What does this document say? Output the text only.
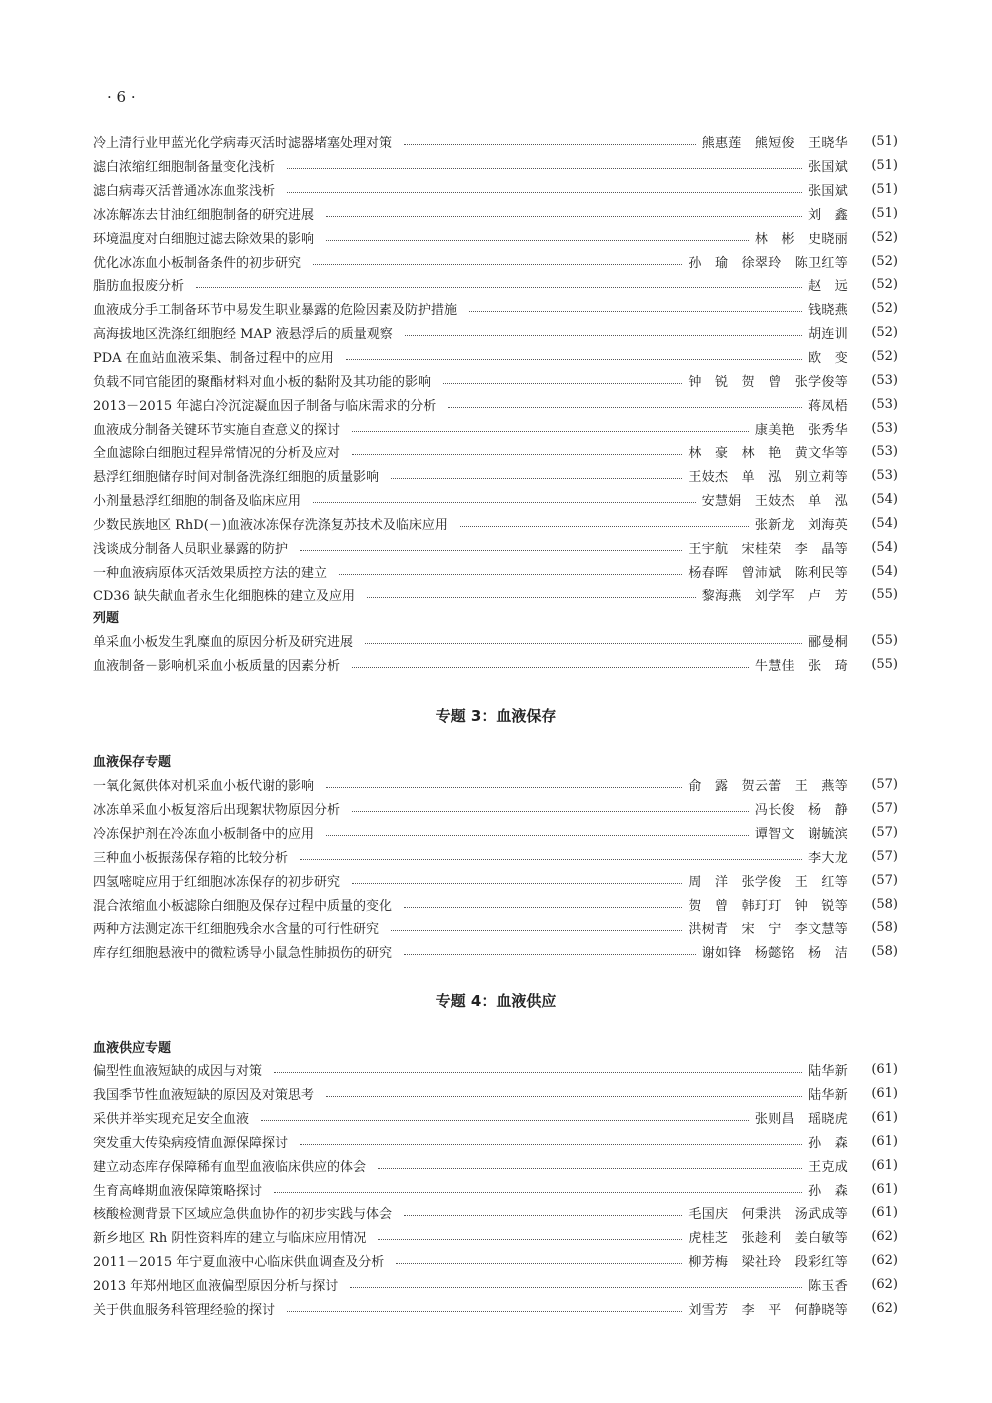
· 6 ·
冷上清行业甲蓝光化学病毒灭活时滤器堵塞处理对策	熊惠莲　熊短俊　王晓华	(51)
滤白浓缩红细胞制备量变化浅析	张国斌	(51)
滤白病毒灭活普通冰冻血浆浅析	张国斌	(51)
冰冻解冻去甘油红细胞制备的研究进展	刘　鑫	(51)
环境温度对白细胞过滤去除效果的影响	林　彬　史晓丽	(52)
优化冰冻血小板制备条件的初步研究	孙　瑜　徐翠玲　陈卫红等	(52)
脂肪血报废分析	赵　远	(52)
血液成分手工制备环节中易发生职业暴露的危险因素及防护措施	钱晓燕	(52)
高海拔地区洗涤红细胞经 MAP 液悬浮后的质量观察	胡连训	(52)
PDA 在血站血液采集、制备过程中的应用	欧　变	(52)
负载不同官能团的聚酯材料对血小板的黏附及其功能的影响	钟　锐　贺　曾　张学俊等	(53)
2013－2015 年滤白冷沉淀凝血因子制备与临床需求的分析	蒋凤梧	(53)
血液成分制备关键环节实施自查意义的探讨	康美艳　张秀华	(53)
全血滤除白细胞过程异常情况的分析及应对	林　豪　林　艳　黄文华等	(53)
悬浮红细胞储存时间对制备洗涤红细胞的质量影响	王妓杰　单　泓　别立莉等	(53)
小剂量悬浮红细胞的制备及临床应用	安慧娟　王妓杰　单　泓	(54)
少数民族地区 RhD(－)血液冰冻保存洗涤复苏技术及临床应用	张新龙　刘海英	(54)
浅谈成分制备人员职业暴露的防护	王宇航　宋桂荣　李　晶等	(54)
一种血液病原体灭活效果质控方法的建立	杨春晖　曾沛斌　陈利民等	(54)
CD36 缺失献血者永生化细胞株的建立及应用	黎海燕　刘学军　卢　芳	(55)
列题
单采血小板发生乳糜血的原因分析及研究进展	郦曼桐	(55)
血液制备－影响机采血小板质量的因素分析	牛慧佳　张　琦	(55)
专题 3：血液保存
血液保存专题
一氧化氮供体对机采血小板代谢的影响	俞　露　贺云蕾　王　燕等	(57)
冰冻单采血小板复溶后出现絮状物原因分析	冯长俊　杨　静	(57)
冷冻保护剂在冷冻血小板制备中的应用	谭智文　谢毓滨	(57)
三种血小板振荡保存箱的比较分析	李大龙	(57)
四氢嘧啶应用于红细胞冰冻保存的初步研究	周　洋　张学俊　王　红等	(57)
混合浓缩血小板滤除白细胞及保存过程中质量的变化	贺　曾　韩玎玎　钟　锐等	(58)
两种方法测定冻干红细胞残余水含量的可行性研究	洪树青　宋　宁　李文慧等	(58)
库存红细胞悬液中的微粒诱导小鼠急性肺损伤的研究	谢如锋　杨懿铭　杨　洁	(58)
专题 4：血液供应
血液供应专题
偏型性血液短缺的成因与对策	陆华新	(61)
我国季节性血液短缺的原因及对策思考	陆华新	(61)
采供并举实现充足安全血液	张则昌　瑶晓虎	(61)
突发重大传染病疫情血源保障探讨	孙　森	(61)
建立动态库存保障稀有血型血液临床供应的体会	王克成	(61)
生育高峰期血液保障策略探讨	孙　森	(61)
核酸检测背景下区域应急供血协作的初步实践与体会	毛国庆　何秉洪　汤武成等	(61)
新乡地区 Rh 阴性资料库的建立与临床应用情况	虎桂芝　张趁利　姜白敏等	(62)
2011－2015 年宁夏血液中心临床供血调查及分析	柳芳梅　梁社玲　段彩红等	(62)
2013 年郑州地区血液偏型原因分析与探讨	陈玉香	(62)
关于供血服务科管理经验的探讨	刘雪芳　李　平　何静晓等	(62)
